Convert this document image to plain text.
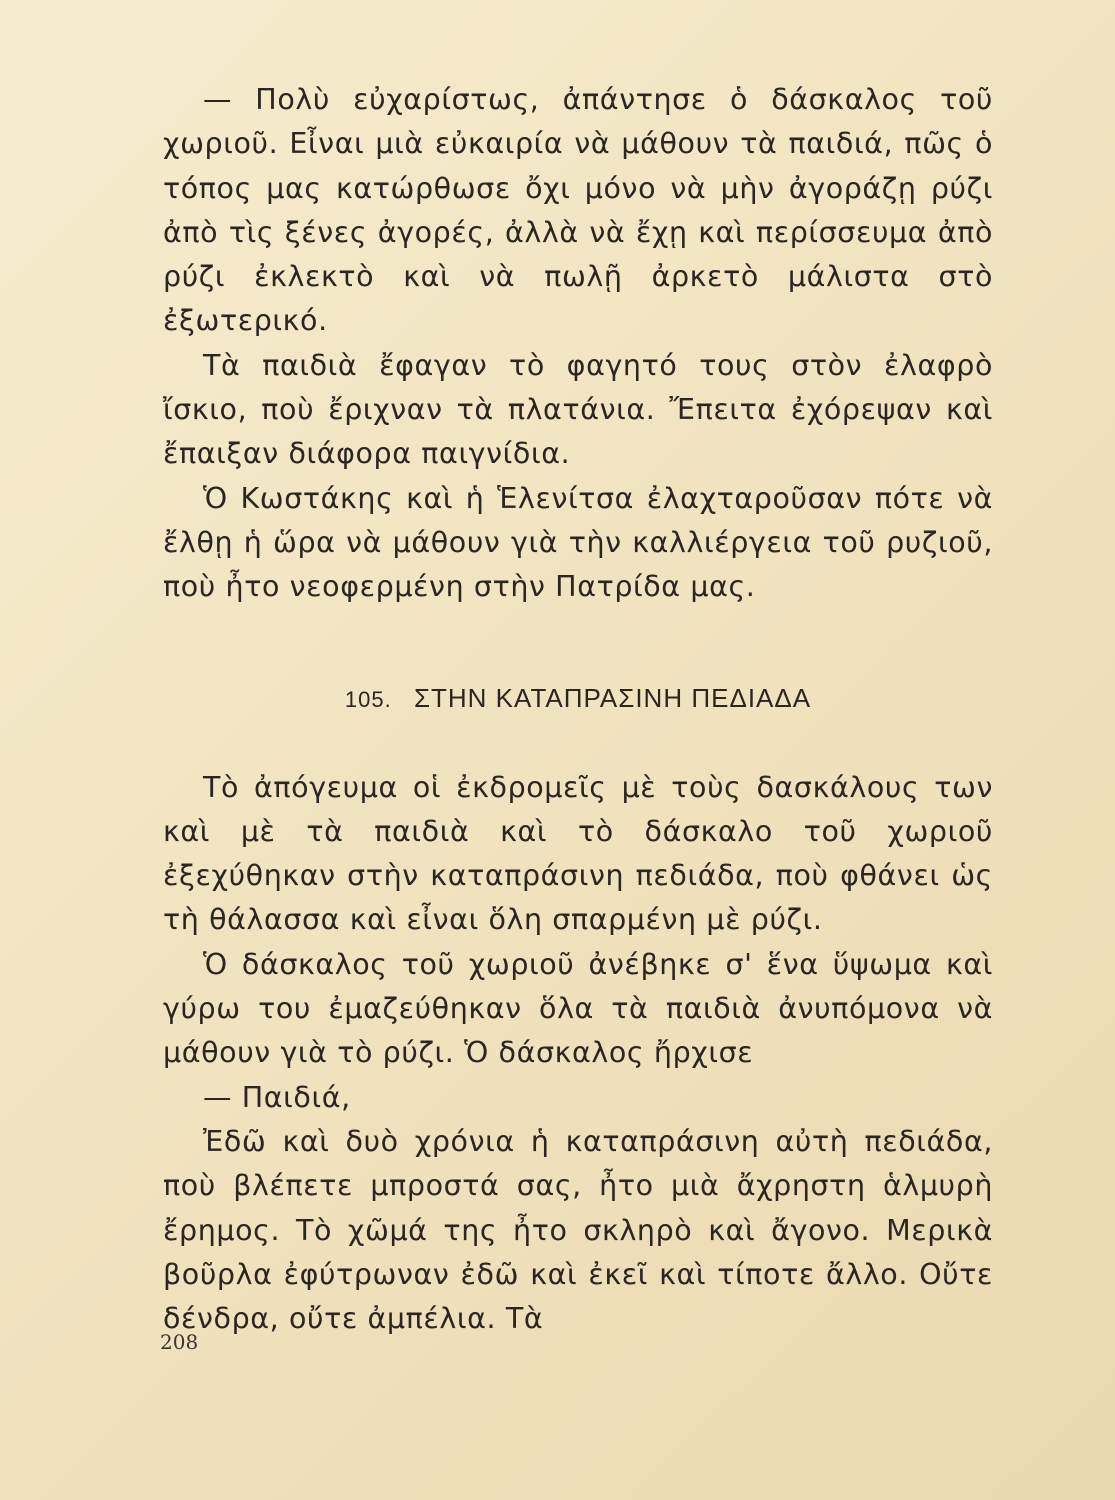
— Πολὺ εὐχαρίστως, ἀπάντησε ὁ δάσκαλος τοῦ χωριοῦ. Εἶναι μιὰ εὐκαιρία νὰ μάθουν τὰ παιδιά, πῶς ὁ τόπος μας κατώρθωσε ὄχι μόνο νὰ μὴν ἀγοράζῃ ρύζι ἀπὸ τὶς ξένες ἀγορές, ἀλλὰ νὰ ἔχῃ καὶ περίσσευμα ἀπὸ ρύζι ἐκλεκτὸ καὶ νὰ πωλῇ ἀρκετὸ μάλιστα στὸ ἐξωτερικό.

Τὰ παιδιὰ ἔφαγαν τὸ φαγητό τους στὸν ἐλαφρὸ ἴσκιο, ποὺ ἔριχναν τὰ πλατάνια. Ἔπειτα ἐχόρεψαν καὶ ἔπαιξαν διάφορα παιγνίδια.

Ὁ Κωστάκης καὶ ἡ Ἑλενίτσα ἐλαχταροῦσαν πότε νὰ ἔλθῃ ἡ ὥρα νὰ μάθουν γιὰ τὴν καλλιέργεια τοῦ ρυζιοῦ, ποὺ ἦτο νεοφερμένη στὴν Πατρίδα μας.

105. ΣΤΗΝ ΚΑΤΑΠΡΑΣΙΝΗ ΠΕΔΙΑΔΑ

Τὸ ἀπόγευμα οἱ ἐκδρομεῖς μὲ τοὺς δασκάλους των καὶ μὲ τὰ παιδιὰ καὶ τὸ δάσκαλο τοῦ χωριοῦ ἐξεχύθηκαν στὴν καταπράσινη πεδιάδα, ποὺ φθάνει ὡς τὴ θάλασσα καὶ εἶναι ὅλη σπαρμένη μὲ ρύζι.

Ὁ δάσκαλος τοῦ χωριοῦ ἀνέβηκε σ' ἕνα ὕψωμα καὶ γύρω του ἐμαζεύθηκαν ὅλα τὰ παιδιὰ ἀνυπόμονα νὰ μάθουν γιὰ τὸ ρύζι. Ὁ δάσκαλος ἤρχισε

— Παιδιά,

Ἐδῶ καὶ δυὸ χρόνια ἡ καταπράσινη αὐτὴ πεδιάδα, ποὺ βλέπετε μπροστά σας, ἦτο μιὰ ἄχρηστη ἁλμυρὴ ἔρημος. Τὸ χῶμά της ἦτο σκληρὸ καὶ ἄγονο. Μερικὰ βοῦρλα ἐφύτρωναν ἐδῶ καὶ ἐκεῖ καὶ τίποτε ἄλλο. Οὔτε δένδρα, οὔτε ἀμπέλια. Τὰ

208
